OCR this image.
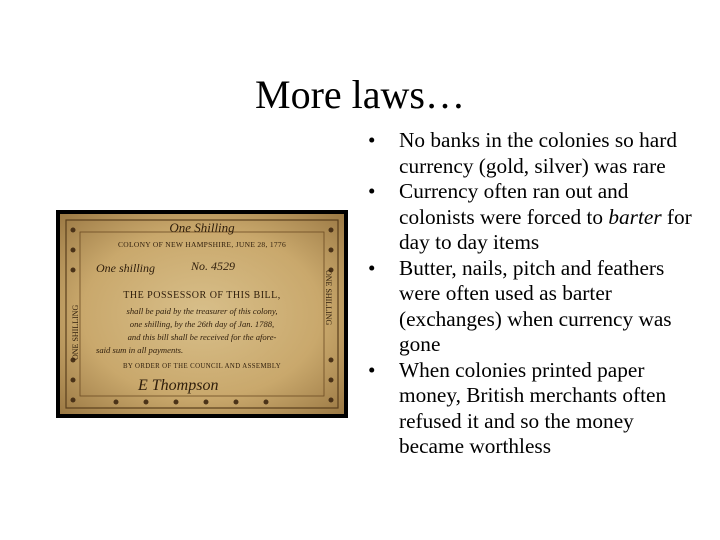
More laws…
One Shilling
COLONY OF NEW HAMPSHIRE, JUNE 28, 1776
One shilling	No. 4529
THE POSSESSOR OF THIS BILL,
shall be paid by the treasurer of this colony,
one shilling, by the 26th day of Jan. 1788,
and this bill shall be received for the afore-
said sum in all payments.
BY ORDER OF THE COUNCIL AND ASSEMBLY
E Thompson
ONE SHILLING
ONE SHILLING
• No banks in the colonies so hard currency (gold, silver) was rare
• Currency often ran out and colonists were forced to barter for day to day items
• Butter, nails, pitch and feathers were often used as barter (exchanges) when currency was gone
• When colonies printed paper money, British merchants often refused it and so the money became worthless
